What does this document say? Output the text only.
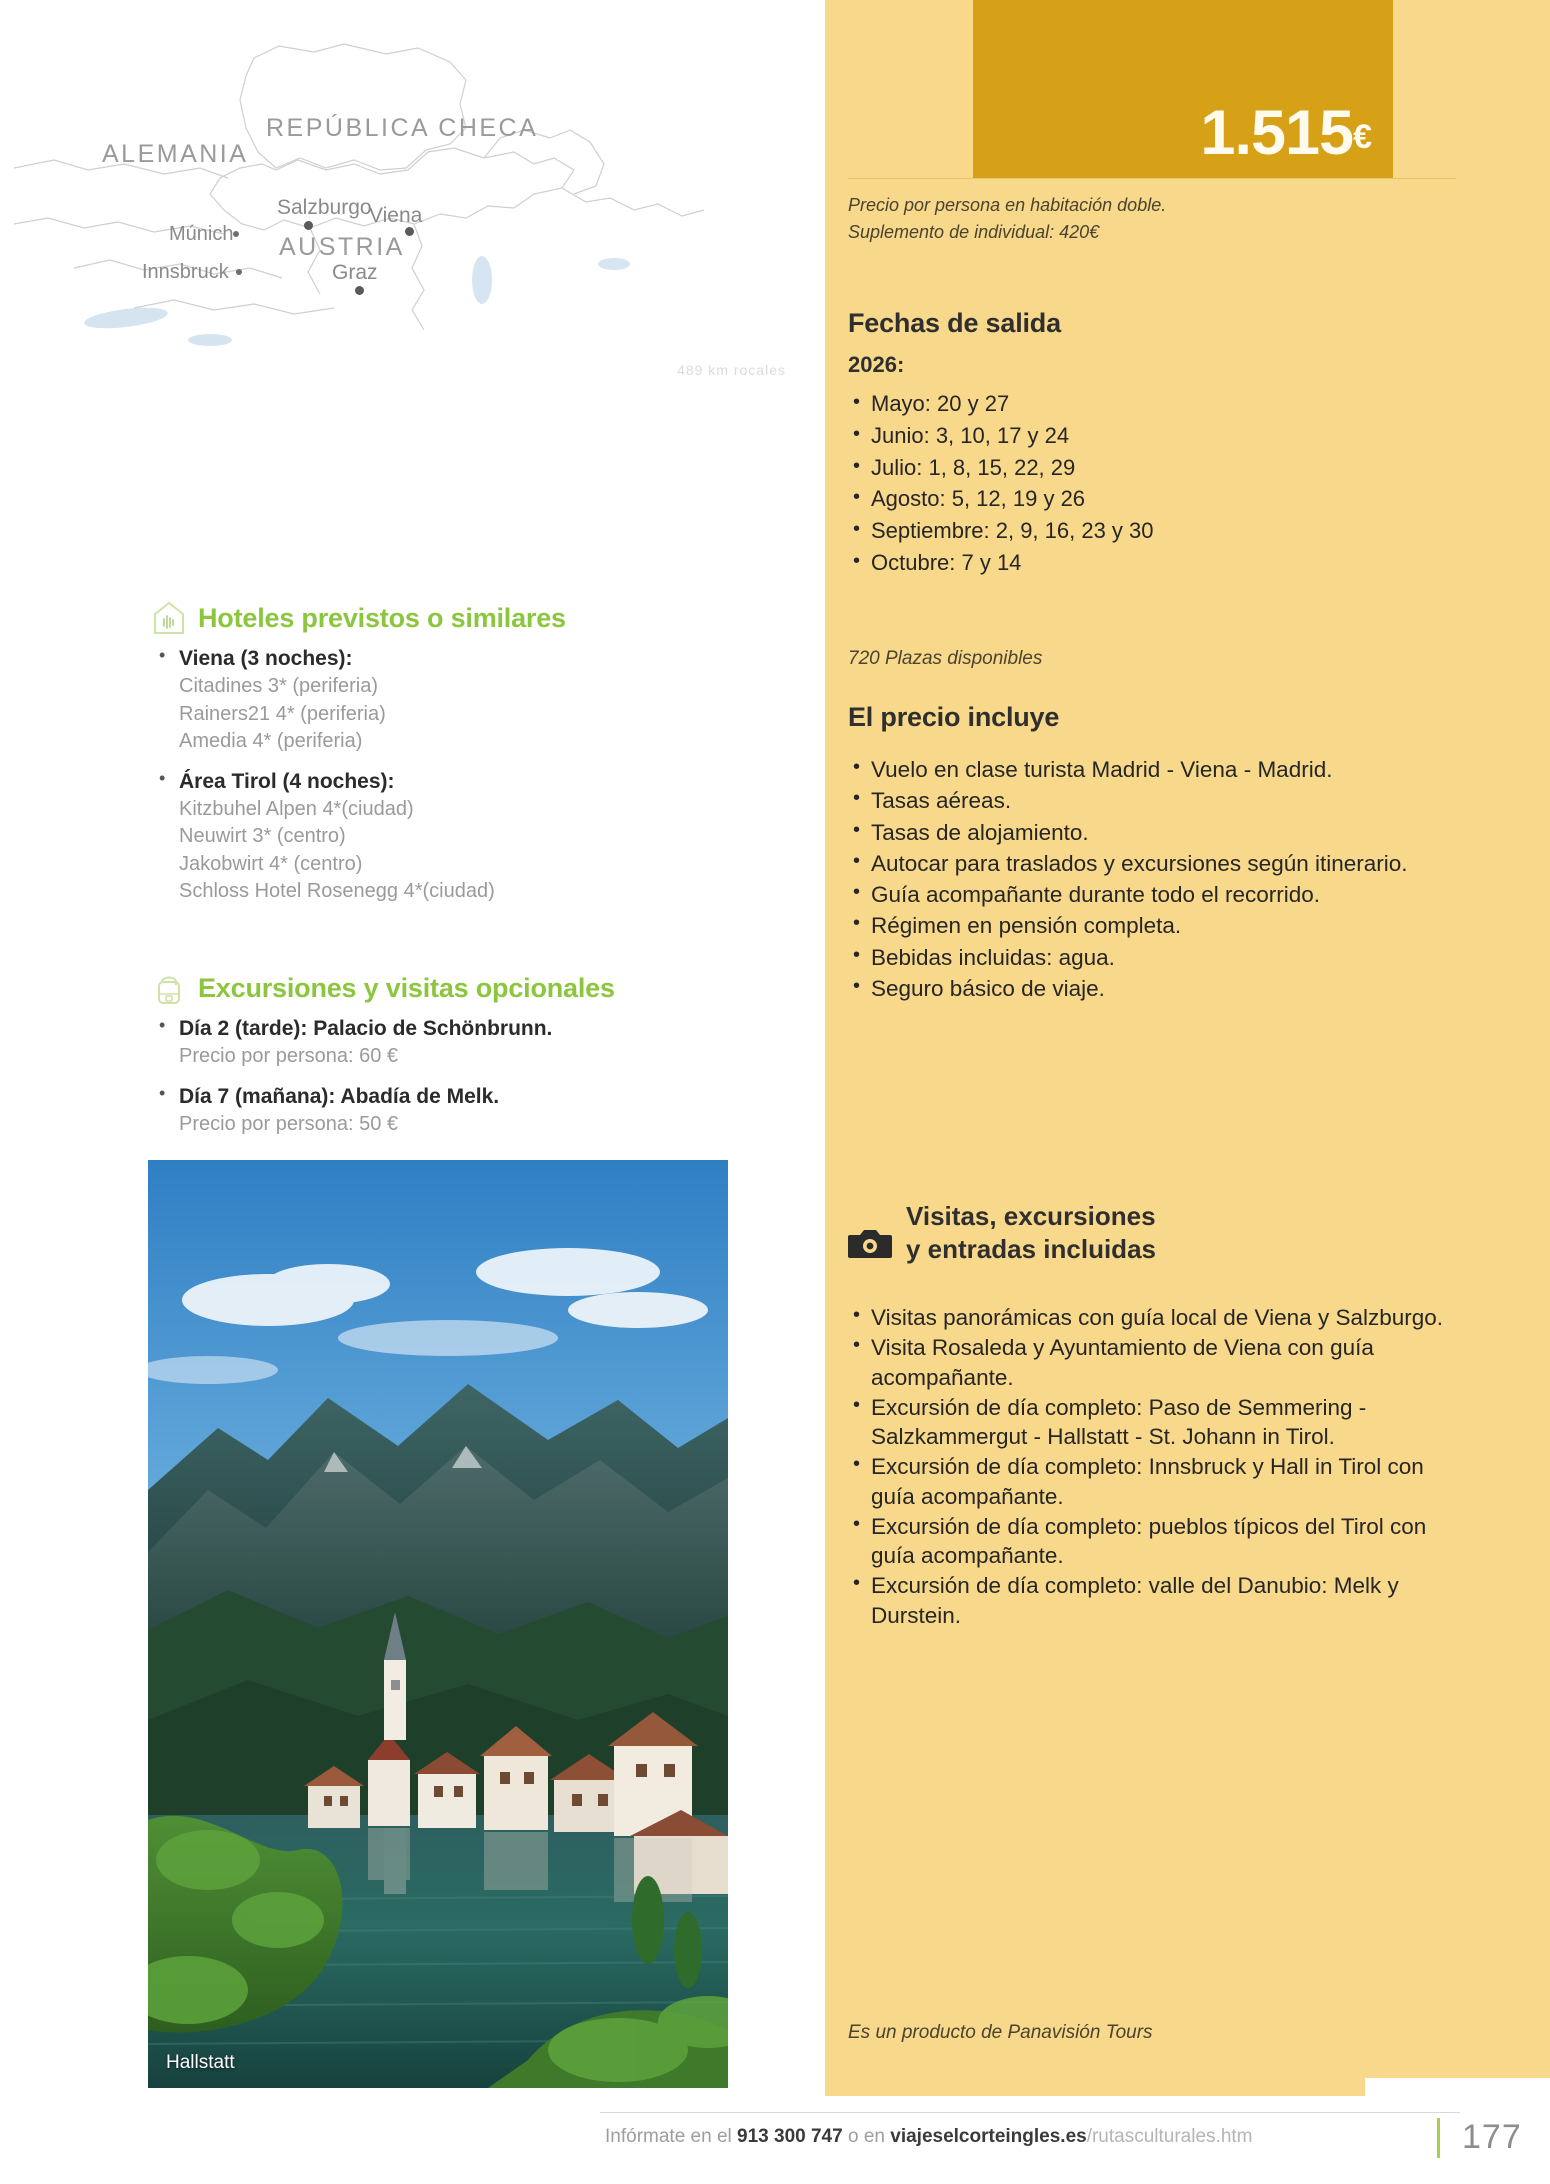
ALEMANIA
REPÚBLICA CHECA
AUSTRIA
Múnich
Innsbruck
Salzburgo
Viena
Graz
489 km rocales
Hoteles previstos o similares
• Viena (3 noches):
Citadines 3* (periferia)
Rainers21 4* (periferia)
Amedia 4* (periferia)
• Área Tirol (4 noches):
Kitzbuhel Alpen 4*(ciudad)
Neuwirt 3* (centro)
Jakobwirt 4* (centro)
Schloss Hotel Rosenegg 4*(ciudad)
Excursiones y visitas opcionales
• Día 2 (tarde): Palacio de Schönbrunn.
Precio por persona: 60 €
• Día 7 (mañana): Abadía de Melk.
Precio por persona: 50 €
Hallstatt
1.515€
Precio por persona en habitación doble.
Suplemento de individual: 420€
Fechas de salida
2026:
• Mayo: 20 y 27
• Junio: 3, 10, 17 y 24
• Julio: 1, 8, 15, 22, 29
• Agosto: 5, 12, 19 y 26
• Septiembre: 2, 9, 16, 23 y 30
• Octubre: 7 y 14
720 Plazas disponibles
El precio incluye
• Vuelo en clase turista Madrid - Viena - Madrid.
• Tasas aéreas.
• Tasas de alojamiento.
• Autocar para traslados y excursiones según itinerario.
• Guía acompañante durante todo el recorrido.
• Régimen en pensión completa.
• Bebidas incluidas: agua.
• Seguro básico de viaje.
Visitas, excursiones
y entradas incluidas
• Visitas panorámicas con guía local de Viena y Salzburgo.
• Visita Rosaleda y Ayuntamiento de Viena con guía acompañante.
• Excursión de día completo: Paso de Semmering - Salzkammergut - Hallstatt - St. Johann in Tirol.
• Excursión de día completo: Innsbruck y Hall in Tirol con guía acompañante.
• Excursión de día completo: pueblos típicos del Tirol con guía acompañante.
• Excursión de día completo: valle del Danubio: Melk y Durstein.
Es un producto de Panavisión Tours
Infórmate en el 913 300 747 o en viajeselcorteingles.es/rutasculturales.htm	177
